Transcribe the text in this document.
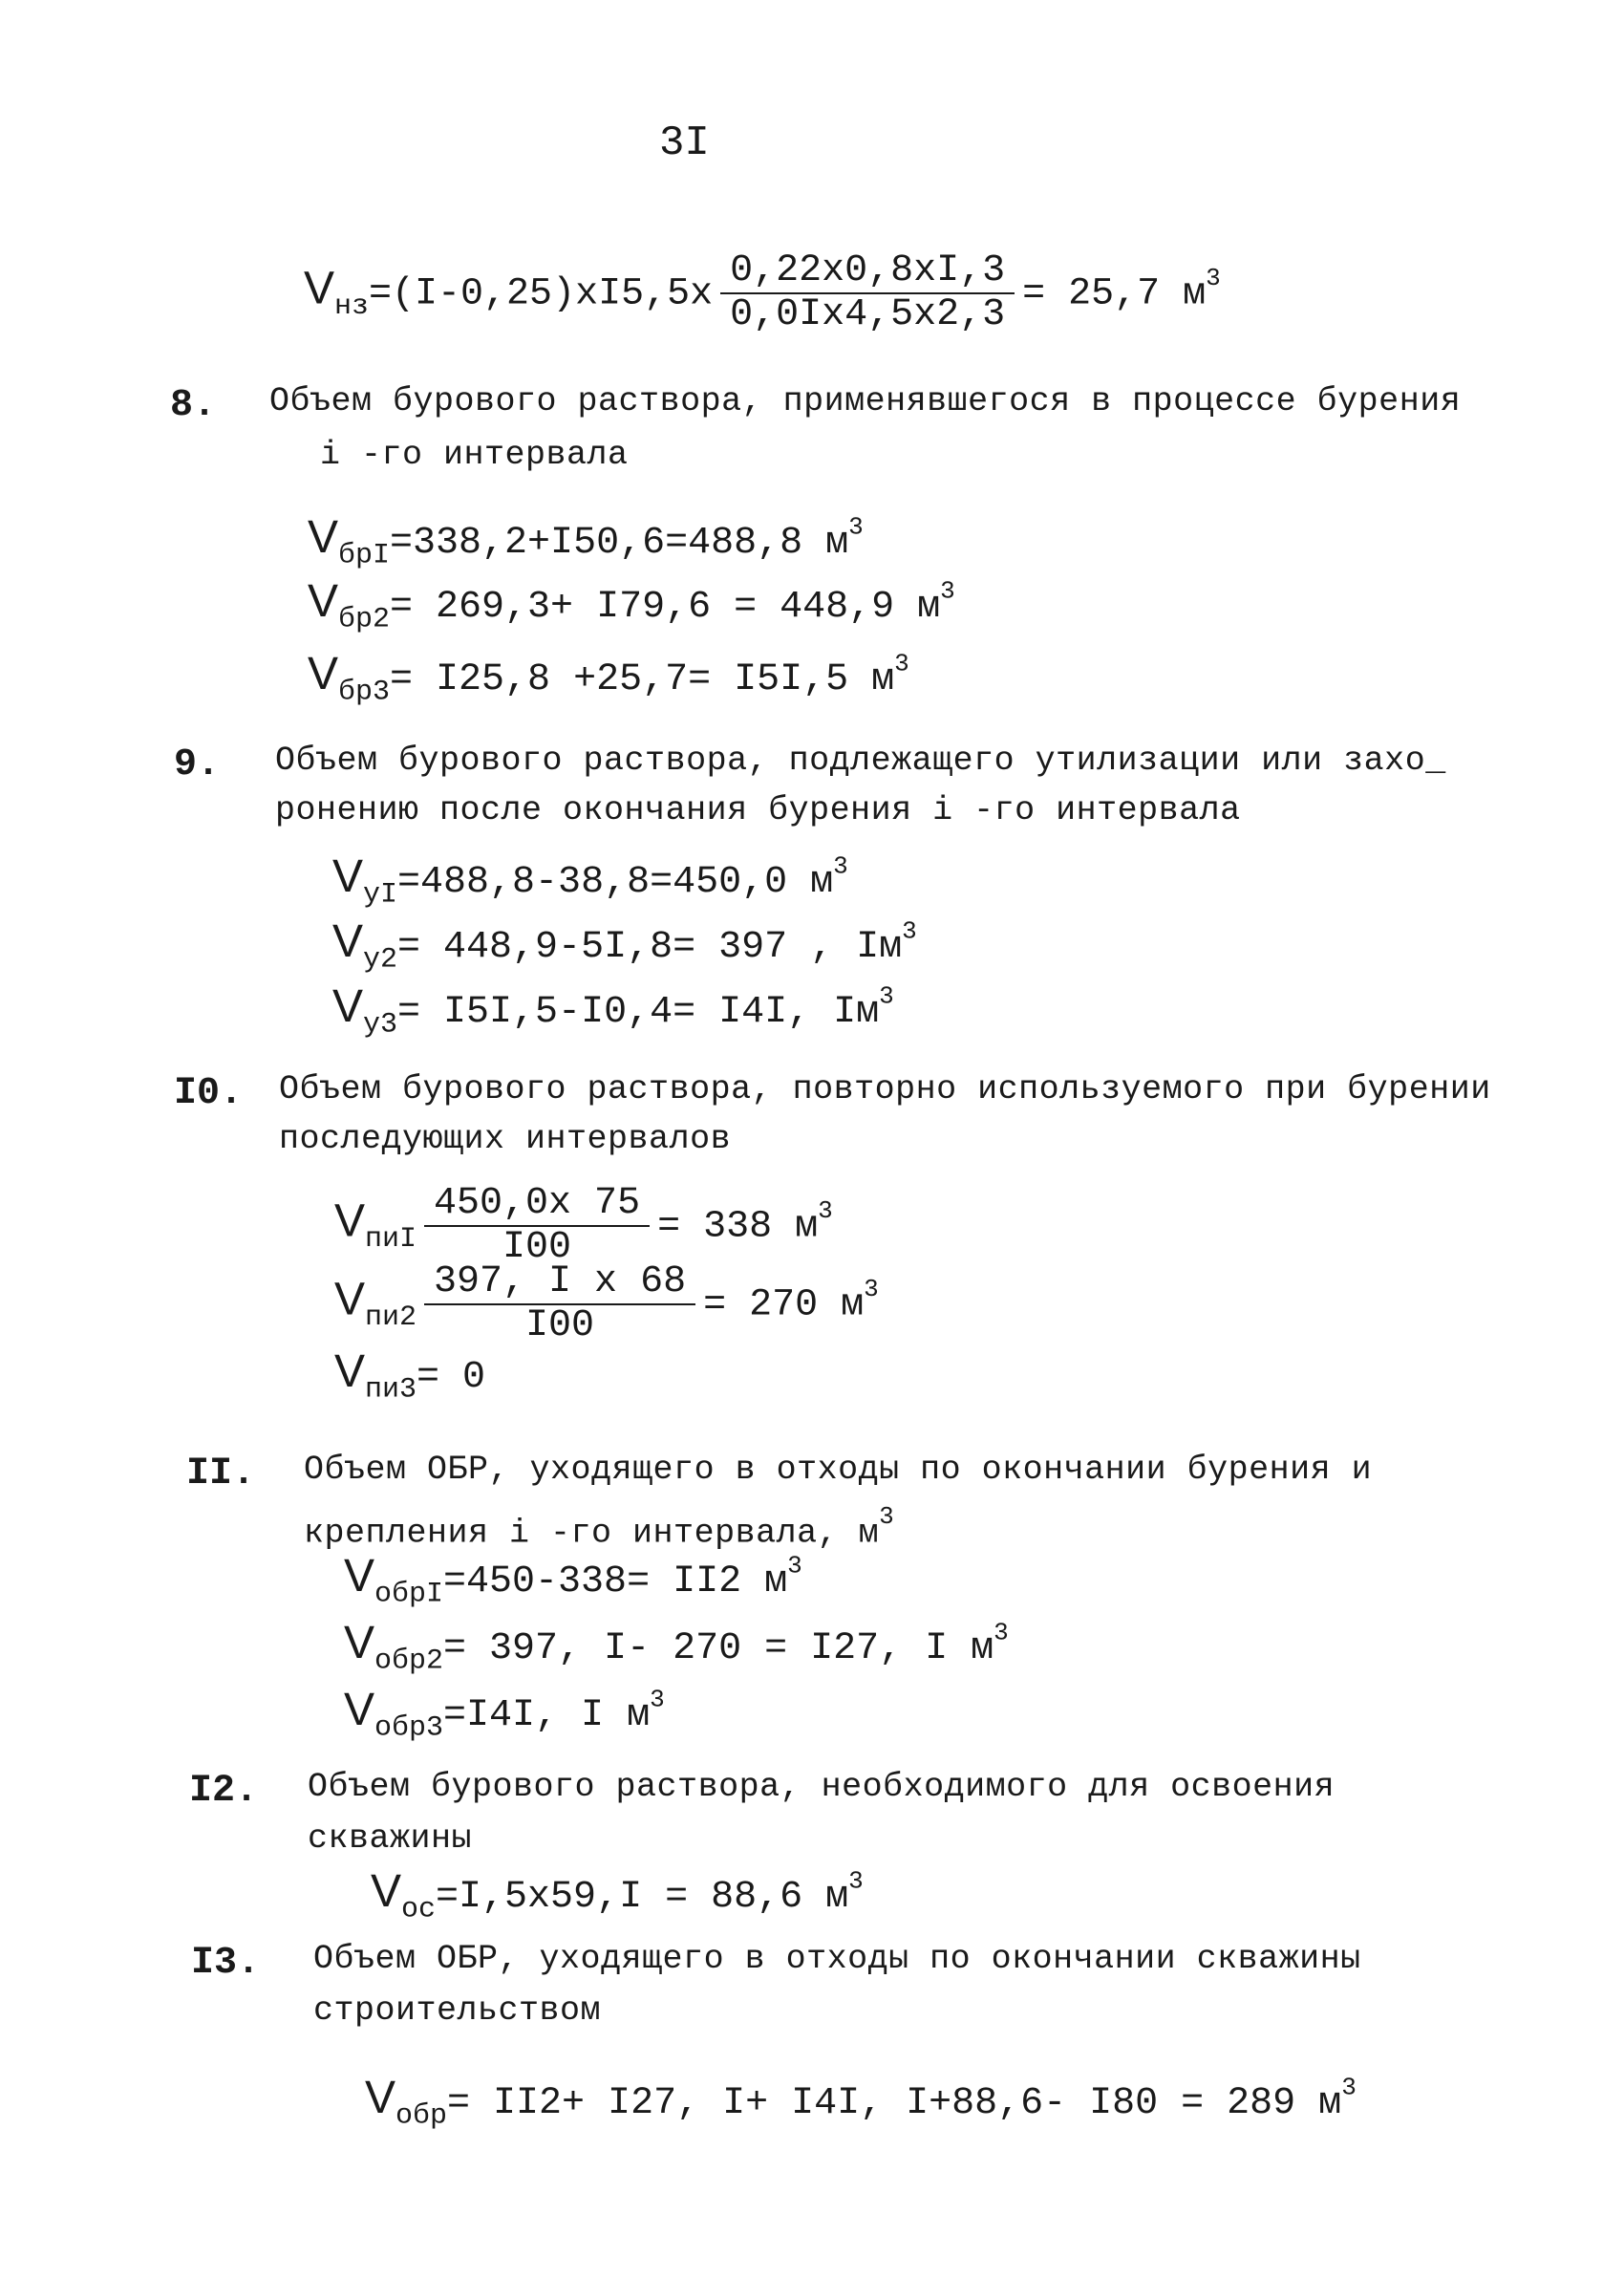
3I
$V_{нз}=(I-0,25)xI5,5x \frac{0,22x0,8xI,3}{0,0Ix4,5x2,3} = 25,7$ $м^3$
8. Объем бурового раствора, применявшегося в процессе бурения
i -го интервала
$V_{брI}=338,2+I50,6=488,8$ $м^3$
$V_{бр2}= 269,3+ I79,6 = 448,9$ $м^3$
$V_{бр3}= I25,8 +25,7= I5I,5$ $м^3$
9. Объем бурового раствора, подлежащего утилизации или захо_
ронению после окончания бурения i -го интервала
$V_{уI}=488,8-38,8=450,0$ $м^3$
$V_{у2}= 448,9-5I,8= 397$ , $Iм^3$
$V_{у3}= I5I,5-I0,4= I4I$, $Iм^3$
I0. Объем бурового раствора, повторно используемого при бурении
последующих интервалов
$V_{пиI} \frac{450,0x 75}{I00} = 338$ $м^3$
$V_{пи2} \frac{\text{397, I x 68}}{I00} = 270$ $м^3$
$V_{пи3}= 0$
II. Объем ОБР, уходящего в отходы по окончании бурения и
крепления i -го интервала, $м^3$
$V_{обрI}=450-338= II2$ $м^3$
$V_{обр2}= 397$, I- 270 = I27, I $м^3$
$V_{обр3}=I4I$, I $м^3$
I2. Объем бурового раствора, необходимого для освоения
скважины
$V_{ос}=I,5x59,I = 88,6$ $м^3$
I3. Объем ОБР, уходящего в отходы по окончании скважины
строительством
$V_{обр}= II2+ I27$, I+ I4I, I+88,6- I80 = 289 $м^3$
